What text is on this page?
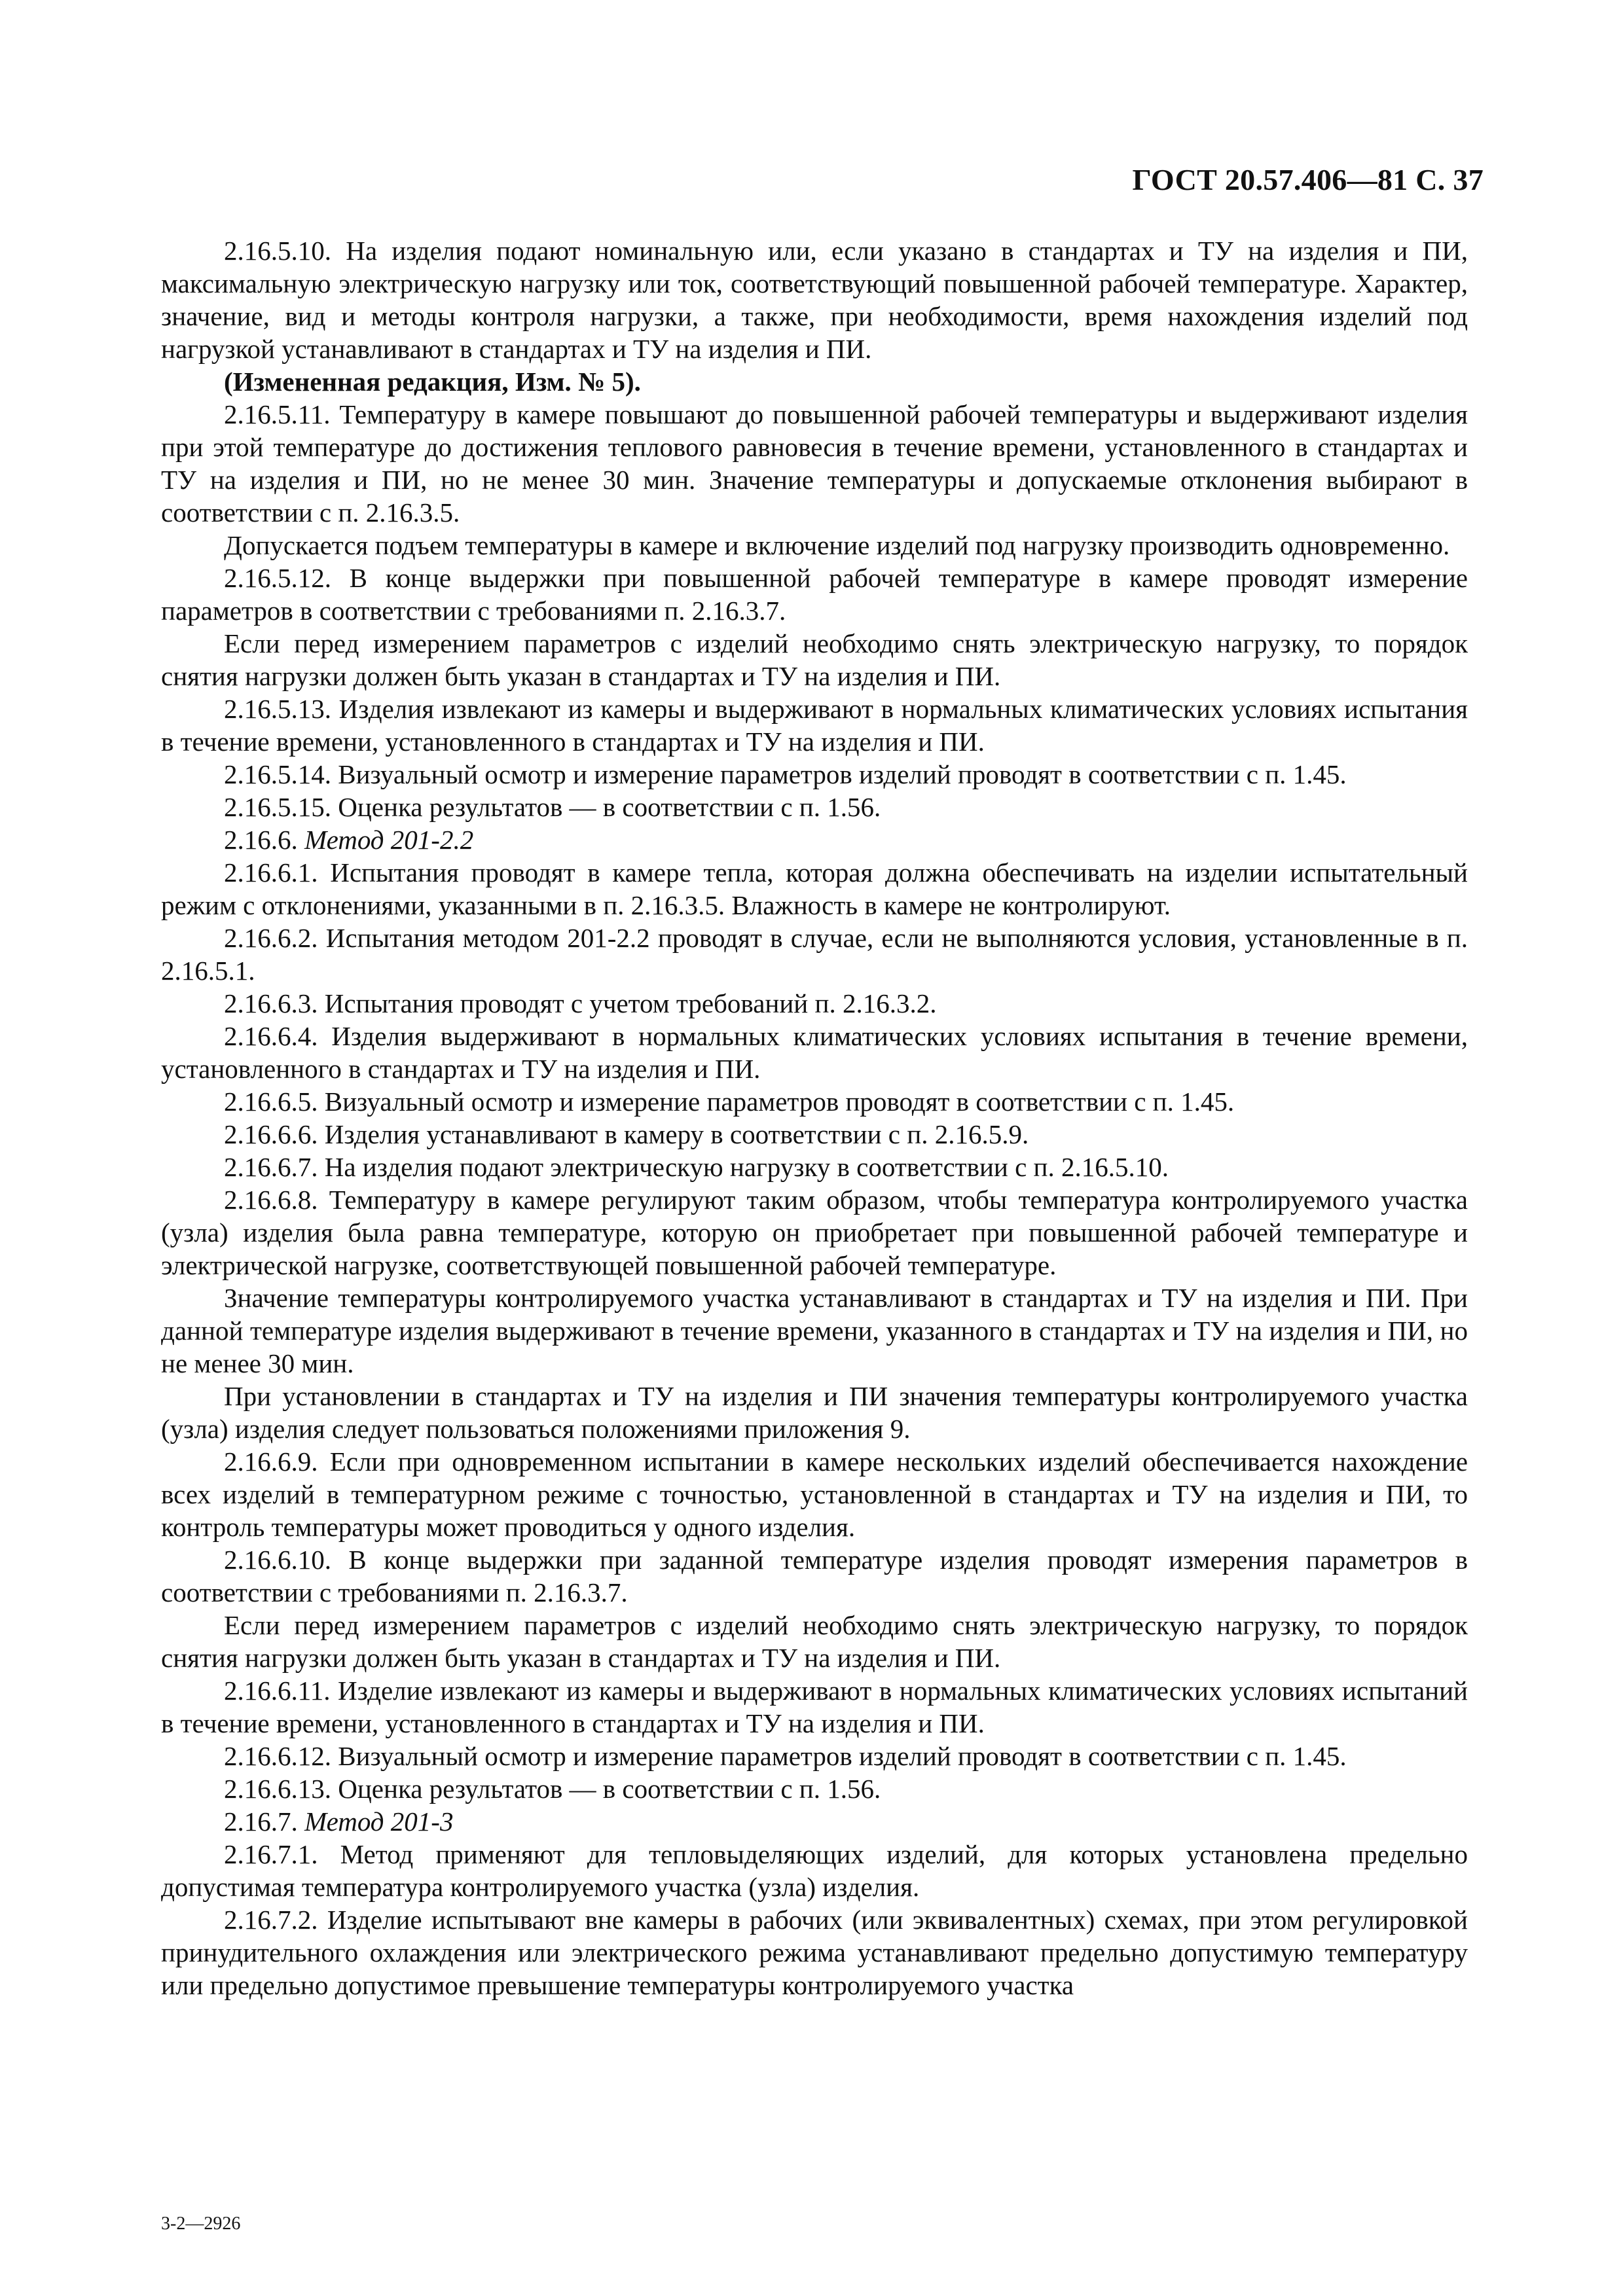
ГОСТ 20.57.406—81 С. 37

2.16.5.10. На изделия подают номинальную или, если указано в стандартах и ТУ на изделия и ПИ, максимальную электрическую нагрузку или ток, соответствующий повышенной рабочей температуре. Характер, значение, вид и методы контроля нагрузки, а также, при необходимости, время нахождения изделий под нагрузкой устанавливают в стандартах и ТУ на изделия и ПИ.

(Измененная редакция, Изм. № 5).

2.16.5.11. Температуру в камере повышают до повышенной рабочей температуры и выдерживают изделия при этой температуре до достижения теплового равновесия в течение времени, установленного в стандартах и ТУ на изделия и ПИ, но не менее 30 мин. Значение температуры и допускаемые отклонения выбирают в соответствии с п. 2.16.3.5.

Допускается подъем температуры в камере и включение изделий под нагрузку производить одновременно.

2.16.5.12. В конце выдержки при повышенной рабочей температуре в камере проводят измерение параметров в соответствии с требованиями п. 2.16.3.7.

Если перед измерением параметров с изделий необходимо снять электрическую нагрузку, то порядок снятия нагрузки должен быть указан в стандартах и ТУ на изделия и ПИ.

2.16.5.13. Изделия извлекают из камеры и выдерживают в нормальных климатических условиях испытания в течение времени, установленного в стандартах и ТУ на изделия и ПИ.

2.16.5.14. Визуальный осмотр и измерение параметров изделий проводят в соответствии с п. 1.45.

2.16.5.15. Оценка результатов — в соответствии с п. 1.56.

2.16.6. Метод 201-2.2

2.16.6.1. Испытания проводят в камере тепла, которая должна обеспечивать на изделии испытательный режим с отклонениями, указанными в п. 2.16.3.5. Влажность в камере не контролируют.

2.16.6.2. Испытания методом 201-2.2 проводят в случае, если не выполняются условия, установленные в п. 2.16.5.1.

2.16.6.3. Испытания проводят с учетом требований п. 2.16.3.2.

2.16.6.4. Изделия выдерживают в нормальных климатических условиях испытания в течение времени, установленного в стандартах и ТУ на изделия и ПИ.

2.16.6.5. Визуальный осмотр и измерение параметров проводят в соответствии с п. 1.45.

2.16.6.6. Изделия устанавливают в камеру в соответствии с п. 2.16.5.9.

2.16.6.7. На изделия подают электрическую нагрузку в соответствии с п. 2.16.5.10.

2.16.6.8. Температуру в камере регулируют таким образом, чтобы температура контролируемого участка (узла) изделия была равна температуре, которую он приобретает при повышенной рабочей температуре и электрической нагрузке, соответствующей повышенной рабочей температуре.

Значение температуры контролируемого участка устанавливают в стандартах и ТУ на изделия и ПИ. При данной температуре изделия выдерживают в течение времени, указанного в стандартах и ТУ на изделия и ПИ, но не менее 30 мин.

При установлении в стандартах и ТУ на изделия и ПИ значения температуры контролируемого участка (узла) изделия следует пользоваться положениями приложения 9.

2.16.6.9. Если при одновременном испытании в камере нескольких изделий обеспечивается нахождение всех изделий в температурном режиме с точностью, установленной в стандартах и ТУ на изделия и ПИ, то контроль температуры может проводиться у одного изделия.

2.16.6.10. В конце выдержки при заданной температуре изделия проводят измерения параметров в соответствии с требованиями п. 2.16.3.7.

Если перед измерением параметров с изделий необходимо снять электрическую нагрузку, то порядок снятия нагрузки должен быть указан в стандартах и ТУ на изделия и ПИ.

2.16.6.11. Изделие извлекают из камеры и выдерживают в нормальных климатических условиях испытаний в течение времени, установленного в стандартах и ТУ на изделия и ПИ.

2.16.6.12. Визуальный осмотр и измерение параметров изделий проводят в соответствии с п. 1.45.

2.16.6.13. Оценка результатов — в соответствии с п. 1.56.

2.16.7. Метод 201-3

2.16.7.1. Метод применяют для тепловыделяющих изделий, для которых установлена предельно допустимая температура контролируемого участка (узла) изделия.

2.16.7.2. Изделие испытывают вне камеры в рабочих (или эквивалентных) схемах, при этом регулировкой принудительного охлаждения или электрического режима устанавливают предельно допустимую температуру или предельно допустимое превышение температуры контролируемого участка

3-2—2926
